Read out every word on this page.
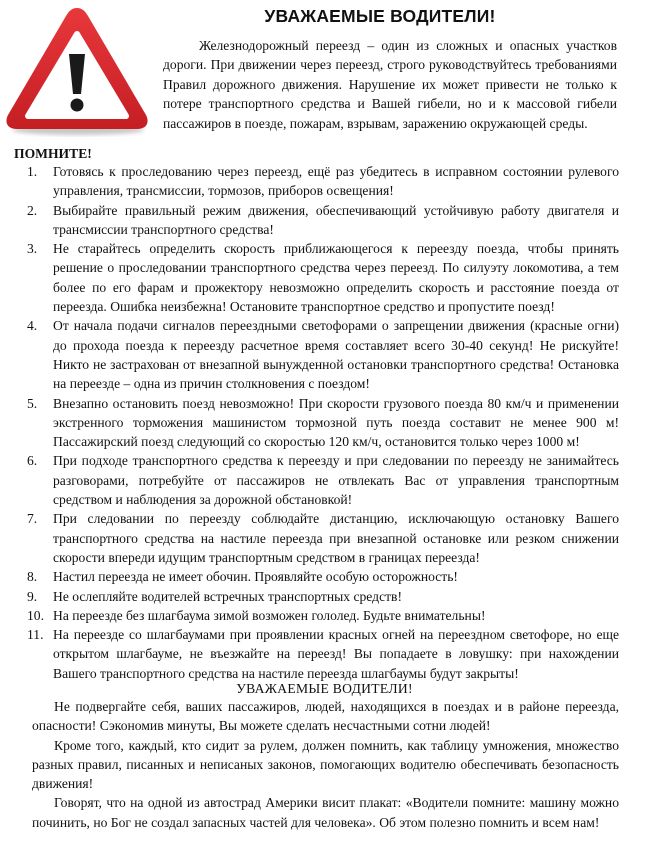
УВАЖАЕМЫЕ ВОДИТЕЛИ!

Железнодорожный переезд – один из сложных и опасных участков дороги. При движении через переезд, строго руководствуйтесь требованиями Правил дорожного движения. Нарушение их может привести не только к потере транспортного средства и Вашей гибели, но и к массовой гибели пассажиров в поезде, пожарам, взрывам, заражению окружающей среды.

ПОМНИТЕ!
1. Готовясь к проследованию через переезд, ещё раз убедитесь в исправном состоянии рулевого управления, трансмиссии, тормозов, приборов освещения!
2. Выбирайте правильный режим движения, обеспечивающий устойчивую работу двигателя и трансмиссии транспортного средства!
3. Не старайтесь определить скорость приближающегося к переезду поезда, чтобы принять решение о проследовании транспортного средства через переезд. По силуэту локомотива, а тем более по его фарам и прожектору невозможно определить скорость и расстояние поезда от переезда. Ошибка неизбежна! Остановите транспортное средство и пропустите поезд!
4. От начала подачи сигналов переездными светофорами о запрещении движения (красные огни) до прохода поезда к переезду расчетное время составляет всего 30-40 секунд! Не рискуйте! Никто не застрахован от внезапной вынужденной остановки транспортного средства! Остановка на переезде – одна из причин столкновения с поездом!
5. Внезапно остановить поезд невозможно! При скорости грузового поезда 80 км/ч и применении экстренного торможения машинистом тормозной путь поезда составит не менее 900 м! Пассажирский поезд следующий со скоростью 120 км/ч, остановится только через 1000 м!
6. При подходе транспортного средства к переезду и при следовании по переезду не занимайтесь разговорами, потребуйте от пассажиров не отвлекать Вас от управления транспортным средством и наблюдения за дорожной обстановкой!
7. При следовании по переезду соблюдайте дистанцию, исключающую остановку Вашего транспортного средства на настиле переезда при внезапной остановке или резком снижении скорости впереди идущим транспортным средством в границах переезда!
8. Настил переезда не имеет обочин. Проявляйте особую осторожность!
9. Не ослепляйте водителей встречных транспортных средств!
10. На переезде без шлагбаума зимой возможен гололед. Будьте внимательны!
11. На переезде со шлагбаумами при проявлении красных огней на переездном светофоре, но еще открытом шлагбауме, не въезжайте на переезд! Вы попадаете в ловушку: при нахождении Вашего транспортного средства на настиле переезда шлагбаумы будут закрыты!
УВАЖАЕМЫЕ ВОДИТЕЛИ!

Не подвергайте себя, ваших пассажиров, людей, находящихся в поездах и в районе переезда, опасности! Сэкономив минуты, Вы можете сделать несчастными сотни людей!

Кроме того, каждый, кто сидит за рулем, должен помнить, как таблицу умножения, множество разных правил, писанных и неписаных законов, помогающих водителю обеспечивать безопасность движения!

Говорят, что на одной из автострад Америки висит плакат: «Водители помните: машину можно починить, но Бог не создал запасных частей для человека». Об этом полезно помнить и всем нам!
